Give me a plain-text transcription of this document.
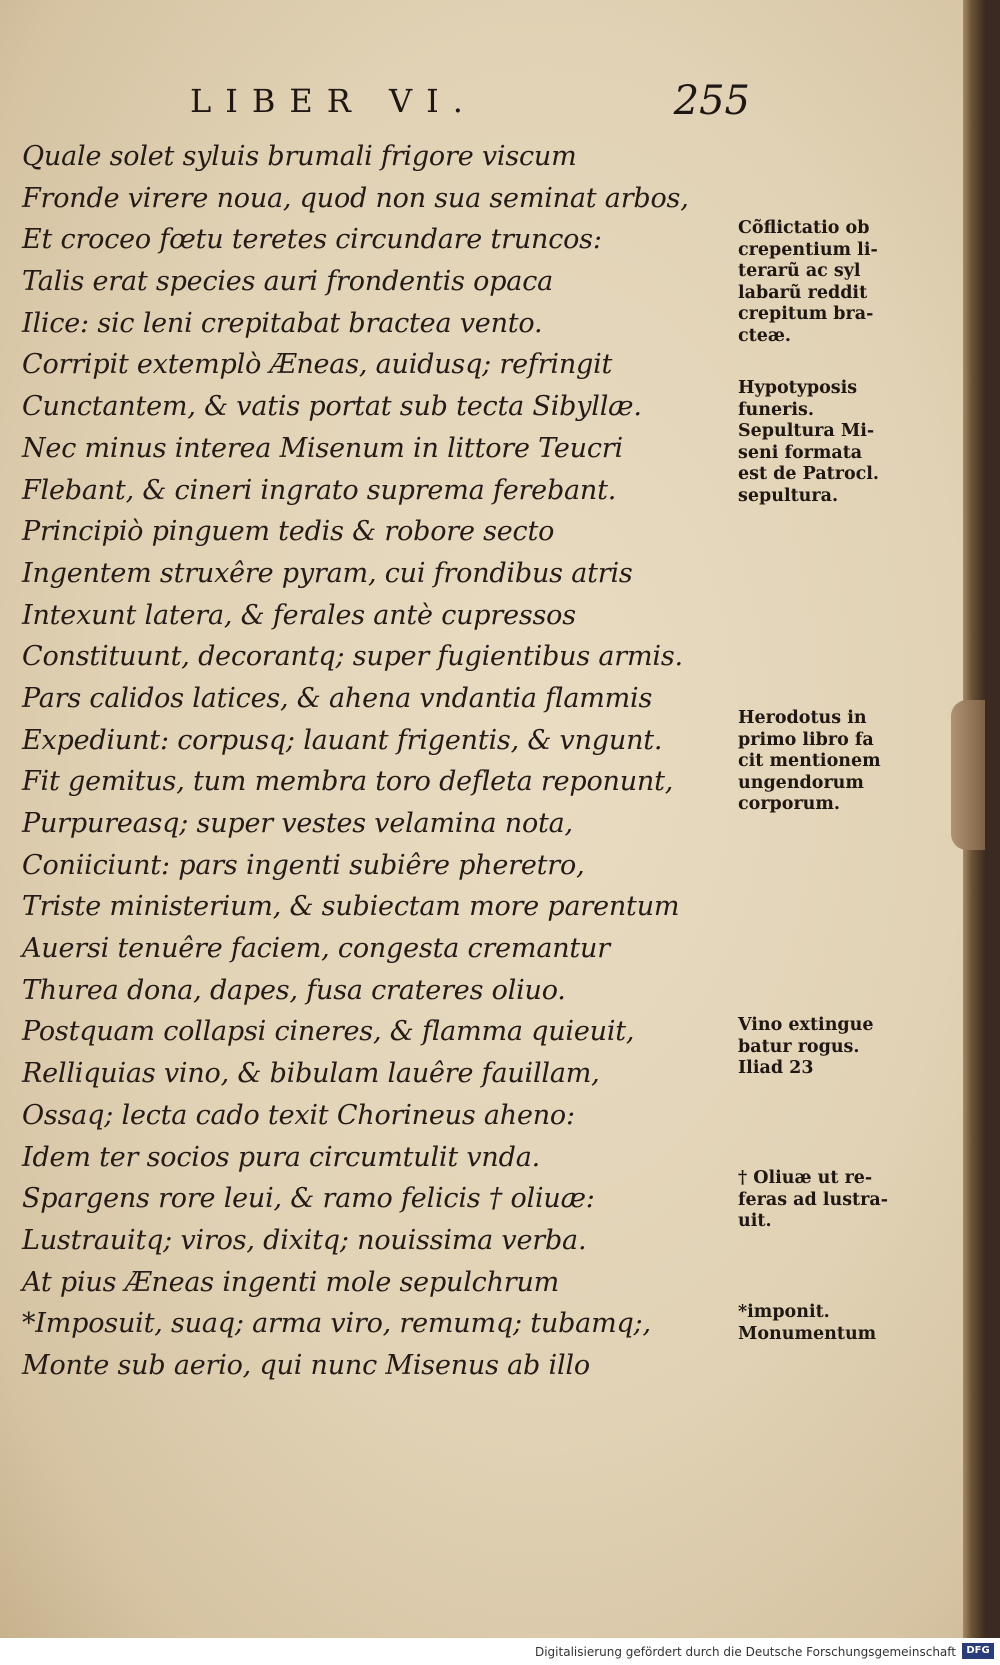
LIBER VI.	255
Quale solet syluis brumali frigore viscum
Fronde virere noua, quod non sua seminat arbos,
Et croceo fœtu teretes circundare truncos:
Talis erat species auri frondentis opaca
Ilice: sic leni crepitabat bractea vento.
Corripit extemplò Æneas, auidusq; refringit
Cunctantem, & vatis portat sub tecta Sibyllæ.
Nec minus interea Misenum in littore Teucri
Flebant, & cineri ingrato suprema ferebant.
Principiò pinguem tedis & robore secto
Ingentem struxêre pyram, cui frondibus atris
Intexunt latera, & ferales antè cupressos
Constituunt, decorantq; super fugientibus armis.
Pars calidos latices, & ahena vndantia flammis
Expediunt: corpusq; lauant frigentis, & vngunt.
Fit gemitus, tum membra toro defleta reponunt,
Purpureasq; super vestes velamina nota,
Coniiciunt: pars ingenti subiêre pheretro,
Triste ministerium, & subiectam more parentum
Auersi tenuêre faciem, congesta cremantur
Thurea dona, dapes, fusa crateres oliuo.
Postquam collapsi cineres, & flamma quieuit,
Relliquias vino, & bibulam lauêre fauillam,
Ossaq; lecta cado texit Chorineus aheno:
Idem ter socios pura circumtulit vnda.
Spargens rore leui, & ramo felicis † oliuæ:
Lustrauitq; viros, dixitq; nouissima verba.
At pius Æneas ingenti mole sepulchrum
*Imposuit, suaq; arma viro, remumq; tubamq;,
Monte sub aerio, qui nunc Misenus ab illo
Cõflictatio ob
crepentium li-
terarũ ac syl
labarũ reddit
crepitum bra-
cteæ.
Hypotyposis
funeris.
Sepultura Mi-
seni formata
est de Patrocl.
sepultura.
Herodotus in
primo libro fa
cit mentionem
ungendorum
corporum.
Vino extingue
batur rogus.
Iliad 23
† Oliuæ ut re-
feras ad lustra-
uit.
*imponit.
Monumentum
Digitalisierung gefördert durch die Deutsche Forschungsgemeinschaft	DFG
